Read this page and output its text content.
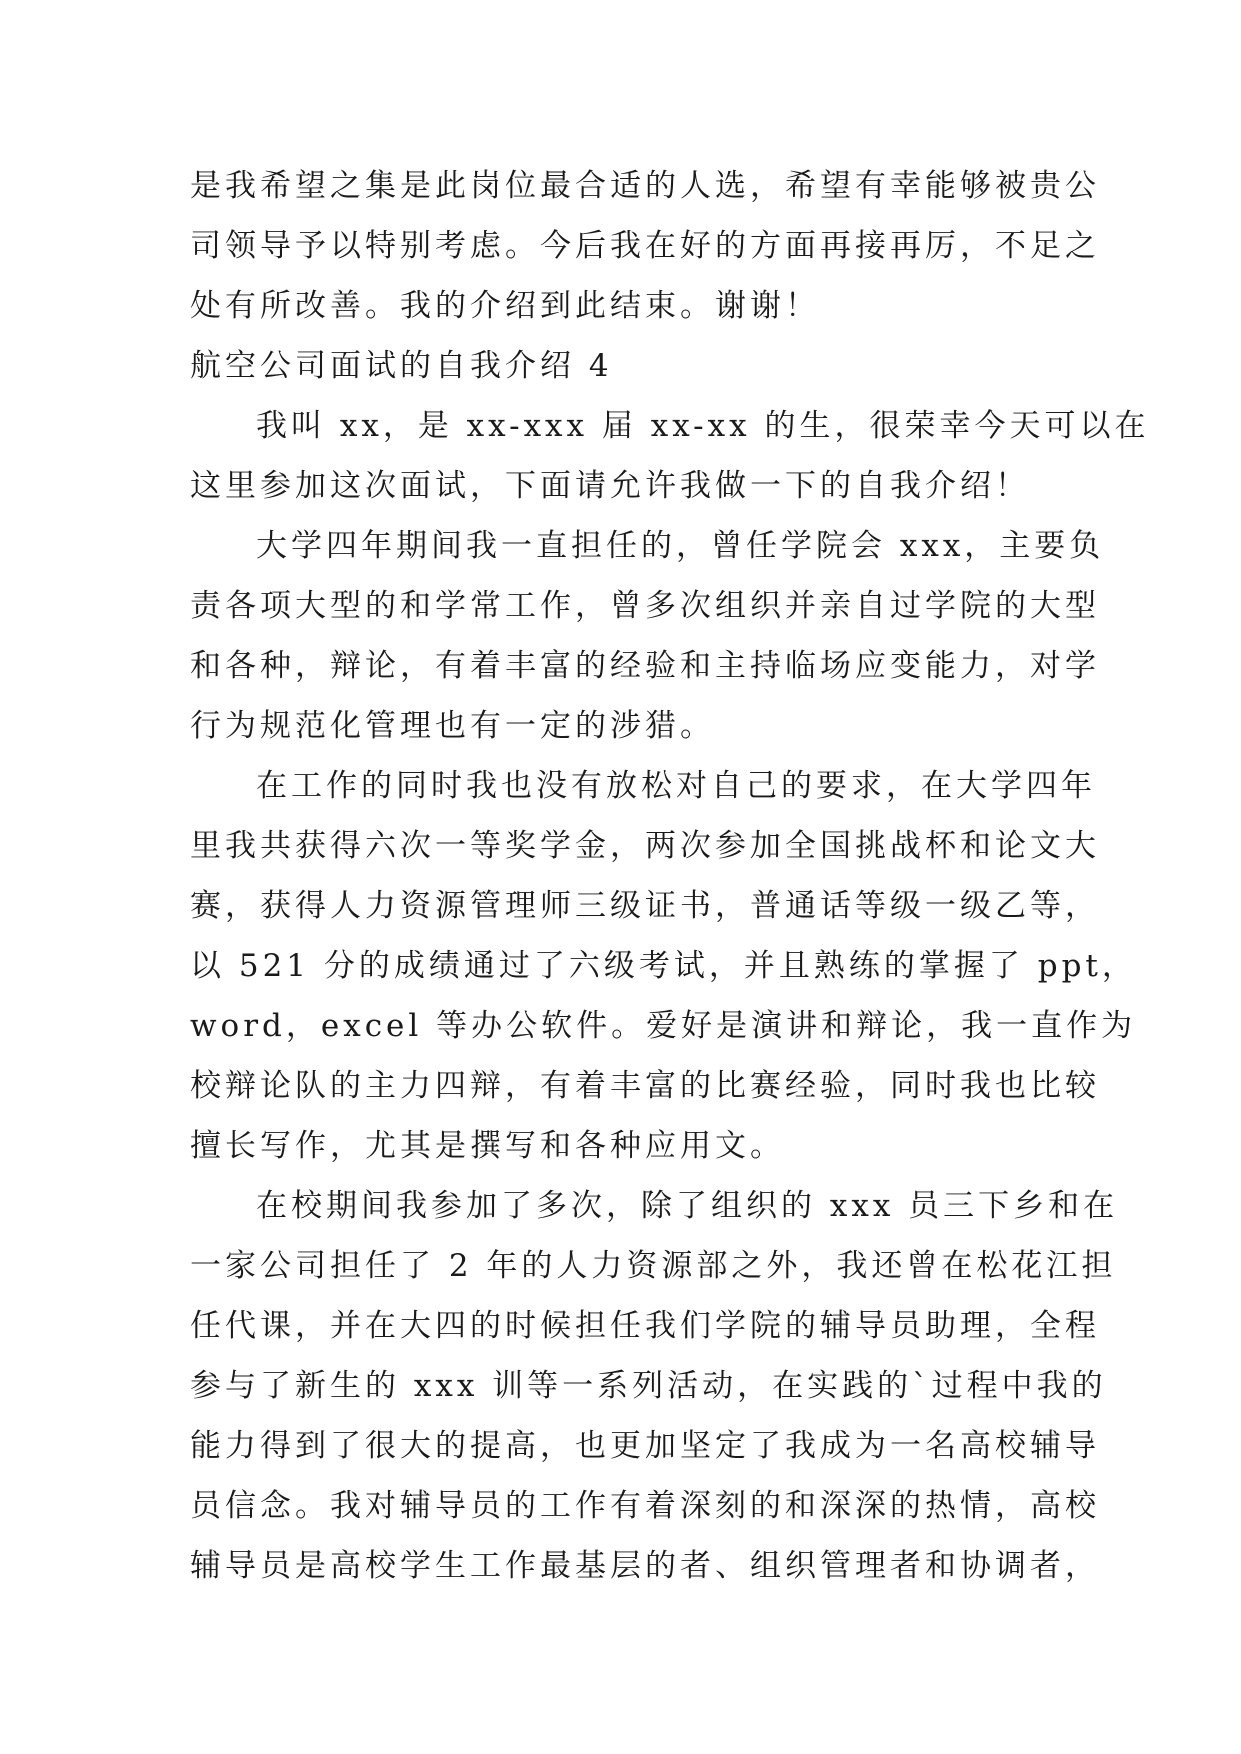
是我希望之集是此岗位最合适的人选，希望有幸能够被贵公
司领导予以特别考虑。今后我在好的方面再接再厉，不足之
处有所改善。我的介绍到此结束。谢谢！
航空公司面试的自我介绍 4
我叫 xx，是 xx-xxx 届 xx-xx 的生，很荣幸今天可以在
这里参加这次面试，下面请允许我做一下的自我介绍！
大学四年期间我一直担任的，曾任学院会 xxx，主要负
责各项大型的和学常工作，曾多次组织并亲自过学院的大型
和各种，辩论，有着丰富的经验和主持临场应变能力，对学
行为规范化管理也有一定的涉猎。
在工作的同时我也没有放松对自己的要求，在大学四年
里我共获得六次一等奖学金，两次参加全国挑战杯和论文大
赛，获得人力资源管理师三级证书，普通话等级一级乙等，
以 521 分的成绩通过了六级考试，并且熟练的掌握了 ppt，
word，excel 等办公软件。爱好是演讲和辩论，我一直作为
校辩论队的主力四辩，有着丰富的比赛经验，同时我也比较
擅长写作，尤其是撰写和各种应用文。
在校期间我参加了多次，除了组织的 xxx 员三下乡和在
一家公司担任了 2 年的人力资源部之外，我还曾在松花江担
任代课，并在大四的时候担任我们学院的辅导员助理，全程
参与了新生的 xxx 训等一系列活动，在实践的`过程中我的
能力得到了很大的提高，也更加坚定了我成为一名高校辅导
员信念。我对辅导员的工作有着深刻的和深深的热情，高校
辅导员是高校学生工作最基层的者、组织管理者和协调者，
